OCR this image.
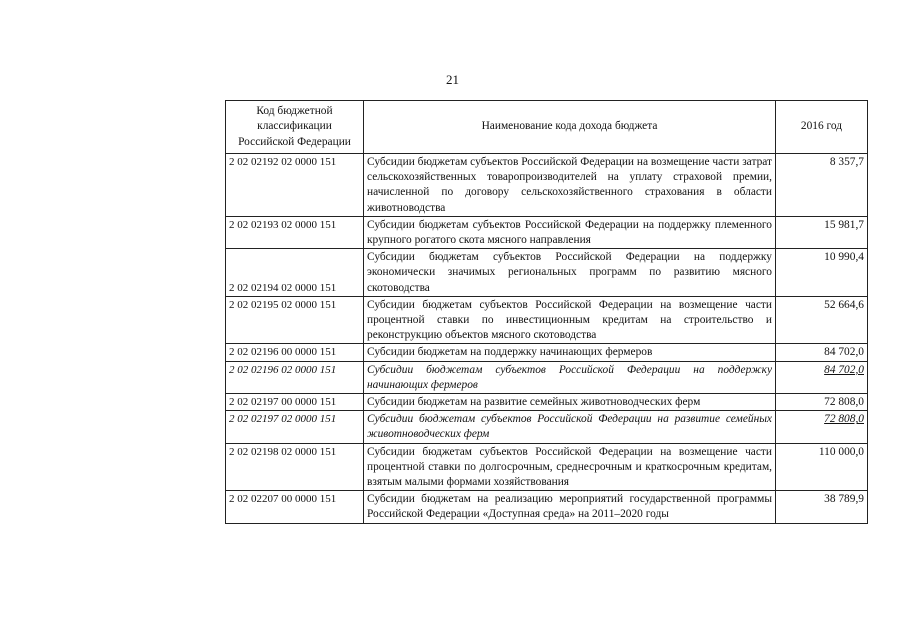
21
Код бюджетной классификации Российской Федерации	Наименование кода дохода бюджета	2016 год
2 02 02192 02 0000 151	Субсидии бюджетам субъектов Российской Федерации на возмещение части затрат сельскохозяйственных товаропроизводителей на уплату страховой премии, начисленной по договору сельскохозяйственного страхования в области животноводства	8 357,7
2 02 02193 02 0000 151	Субсидии бюджетам субъектов Российской Федерации на поддержку племенного крупного рогатого скота мясного направления	15 981,7
2 02 02194 02 0000 151	Субсидии бюджетам субъектов Российской Федерации на поддержку экономически значимых региональных программ по развитию мясного скотоводства	10 990,4
2 02 02195 02 0000 151	Субсидии бюджетам субъектов Российской Федерации на возмещение части процентной ставки по инвестиционным кредитам на строительство и реконструкцию объектов мясного скотоводства	52 664,6
2 02 02196 00 0000 151	Субсидии бюджетам на поддержку начинающих фермеров	84 702,0
2 02 02196 02 0000 151	Субсидии бюджетам субъектов Российской Федерации на поддержку начинающих фермеров	84 702,0
2 02 02197 00 0000 151	Субсидии бюджетам на развитие семейных животноводческих ферм	72 808,0
2 02 02197 02 0000 151	Субсидии бюджетам субъектов Российской Федерации на развитие семейных животноводческих ферм	72 808,0
2 02 02198 02 0000 151	Субсидии бюджетам субъектов Российской Федерации на возмещение части процентной ставки по долгосрочным, среднесрочным и краткосрочным кредитам, взятым малыми формами хозяйствования	110 000,0
2 02 02207 00 0000 151	Субсидии бюджетам на реализацию мероприятий государственной программы Российской Федерации «Доступная среда» на 2011–2020 годы	38 789,9
